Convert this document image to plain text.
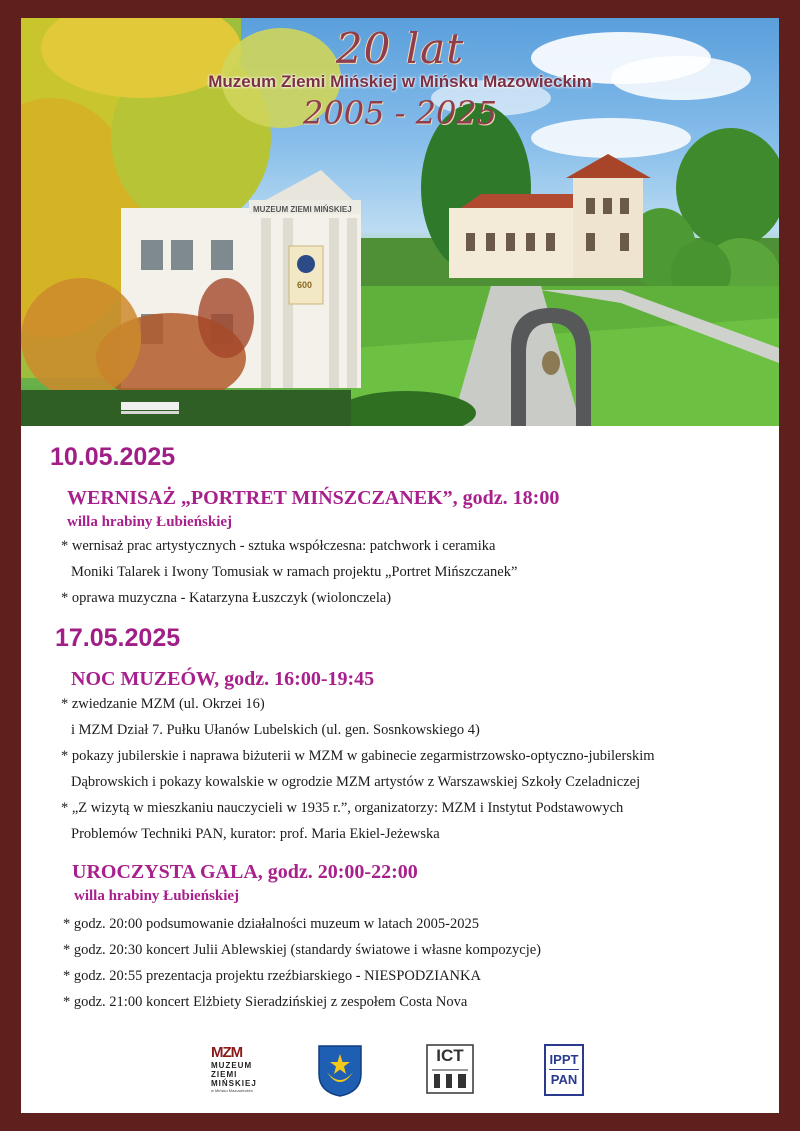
MUZEUM ZIEMI MIŃSKIEJ
600
20 lat
Muzeum Ziemi Mińskiej w Mińsku Mazowieckim
2005 - 2025
10.05.2025
WERNISAŻ „PORTRET MIŃSZCZANEK”, godz. 18:00
willa hrabiny Łubieńskiej
* wernisaż prac artystycznych - sztuka współczesna: patchwork i ceramika
Moniki Talarek i Iwony Tomusiak w ramach projektu „Portret Mińszczanek”
* oprawa muzyczna - Katarzyna Łuszczyk (wiolonczela)
17.05.2025
NOC MUZEÓW, godz. 16:00-19:45
* zwiedzanie MZM (ul. Okrzei 16)
i MZM Dział 7. Pułku Ułanów Lubelskich (ul. gen. Sosnkowskiego 4)
* pokazy jubilerskie i naprawa biżuterii w MZM w gabinecie zegarmistrzowsko-optyczno-jubilerskim
Dąbrowskich i pokazy kowalskie w ogrodzie MZM artystów z Warszawskiej Szkoły Czeladniczej
* „Z wizytą w mieszkaniu nauczycieli w 1935 r.”, organizatorzy: MZM i Instytut Podstawowych
Problemów Techniki PAN, kurator: prof. Maria Ekiel-Jeżewska
UROCZYSTA GALA, godz. 20:00-22:00
willa hrabiny Łubieńskiej
* godz. 20:00 podsumowanie działalności muzeum w latach 2005-2025
* godz. 20:30 koncert Julii Ablewskiej (standardy światowe i własne kompozycje)
* godz. 20:55 prezentacja projektu rzeźbiarskiego - NIESPODZIANKA
* godz. 21:00 koncert Elżbiety Sieradzińskiej z zespołem Costa Nova
MZM
MUZEUM
ZIEMI
MIŃSKIEJ
w Mińsku Mazowieckim
ICT	IPPT
PAN
